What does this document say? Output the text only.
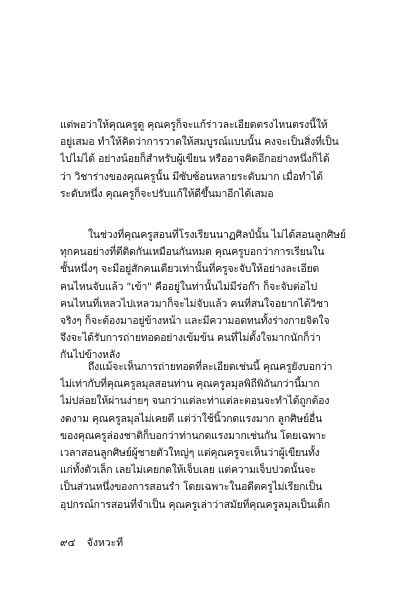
แต่พอว่าให้คุณครูดู คุณครูก็จะแก้ร่าวละเอียดตรงไหนตรงนี้ให้
อยู่เสมอ ทำให้คิดว่าการวาดให้สมบูรณ์แบบนั้น คงจะเป็นสิ่งที่เป็น
ไปไม่ได้ อย่างน้อยก็สำหรับผู้เขียน หรืออาจคิดอีกอย่างหนึ่งก็ได้
ว่า วิชาร่างของคุณครูนั้น มีซับซ้อนหลายระดับมาก เมื่อทำได้
ระดับหนึ่ง คุณครูก็จะปรับแก้ให้ดีขึ้นมาอีกได้เสมอ
ในช่วงที่คุณครูสอนที่โรงเรียนนาฏศิลป์นั้น ไม่ได้สอนลูกศิษย์
ทุกคนอย่างที่ตีติดกันเหมือนกันหมด คุณครูบอกว่าการเรียนใน
ชั้นหนึ่งๆ จะมีอยู่สักคนเดียวเท่านั้นที่ครูจะจับให้อย่างละเอียด
คนไหนจับแล้ว "เข้า" คืออยู่ในท่านั้นไม่มีร่อก๊า ก็จะจับต่อไป
คนไหนที่เหลวไปเหลวมาก็จะไม่จับแล้ว คนที่สนใจอยากได้วิชา
จริงๆ ก็จะต้องมาอยู่ข้างหน้า และมีความอดทนทั้งร่างกายจิตใจ
จึงจะได้รับการถ่ายทอดอย่างเข้มข้น คนที่ไม่ตั้งใจมากนักก็ว่า
กันไปข้างหลัง
ถึงแม้จะเห็นการถ่ายทอดที่ละเอียดเช่นนี้ คุณครูยังบอกว่า
ไม่เท่ากับที่คุณครูลมุลสอนท่าน คุณครูลมุลพิถีพิถันกว่านี้มาก
ไม่ปล่อยให้ผ่านง่ายๆ จนกว่าแต่ละท่าแต่ละตอนจะทำได้ถูกต้อง
งดงาม คุณครูลมุลไม่เคยตี แต่ว่าใช้นิ้วกดแรงมาก ลูกศิษย์อื่น
ของคุณครูล่องชาติก็บอกว่าท่านกดแรงมากเช่นกัน โดยเฉพาะ
เวลาสอนลูกศิษย์ผู้ชายตัวใหญ่ๆ แต่คุณครูจะเห็นว่าผู้เขียนทั้ง
แก่ทั้งตัวเล็ก เลยไม่เคยกดให้เจ็บเลย แต่ความเจ็บปวดนั้นจะ
เป็นส่วนหนึ่งของการสอนรำ โดยเฉพาะในอดีตครูไม่เรียกเป็น
อุปกรณ์การสอนที่จำเป็น คุณครูเล่าว่าสมัยที่คุณครูลมุลเป็นเด็ก
๙๔ จังหวะที
